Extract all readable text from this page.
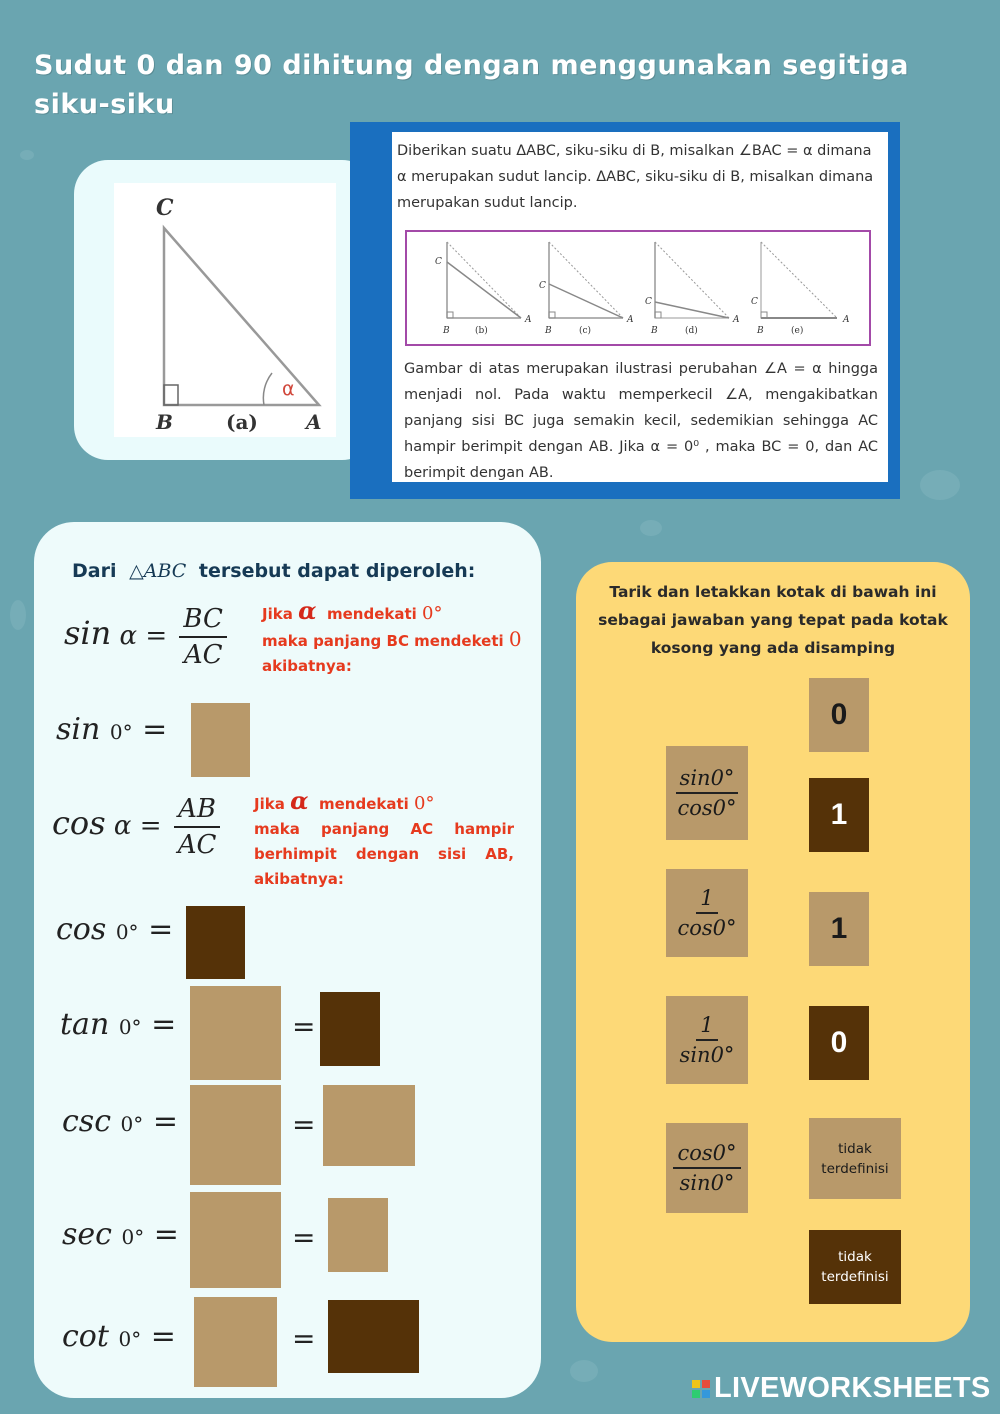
Sudut 0 dan 90 dihitung dengan menggunakan segitiga siku-siku
α
C
B	(a) A
Diberikan suatu ΔABC, siku-siku di B, misalkan ∠BAC = α dimana α merupakan sudut lancip. ΔABC, siku-siku di B, misalkan dimana merupakan sudut lancip.
C
B	(b)
A
C
B	(c)
A
C
B	(d)
A
C
B	(e)
A
Gambar di atas merupakan ilustrasi perubahan ∠A = α hingga menjadi nol. Pada waktu memperkecil ∠A, mengakibatkan panjang sisi BC juga semakin kecil, sedemikian sehingga AC hampir berimpit dengan AB. Jika α = 0⁰ , maka BC = 0, dan AC berimpit dengan AB.
Dari △ABC tersebut dapat diperoleh:
$\sin \alpha = \frac{BC}{AC}$ Jika α mendekati 0°
maka panjang BC mendeketi 0
akibatnya:
sin 0° =
$\cos \alpha = \frac{AB}{AC}$ Jika α mendekati 0°
maka panjang AC hampir
berhimpit dengan sisi AB,
akibatnya:
cos 0° =
tan 0° =	=
csc 0° =	=
sec 0° =	=
cot 0° =	=
Tarik dan letakkan kotak di bawah ini sebagai jawaban yang tepat pada kotak kosong yang ada disamping
0
1
1
0
tidak terdefinisi
tidak terdefinisi
$\frac{\sin 0^\circ}{\cos 0^\circ}$
$\frac{1}{\cos 0^\circ}$
$\frac{1}{\sin 0^\circ}$
$\frac{\cos 0^\circ}{\sin 0^\circ}$
LIVEWORKSHEETS
